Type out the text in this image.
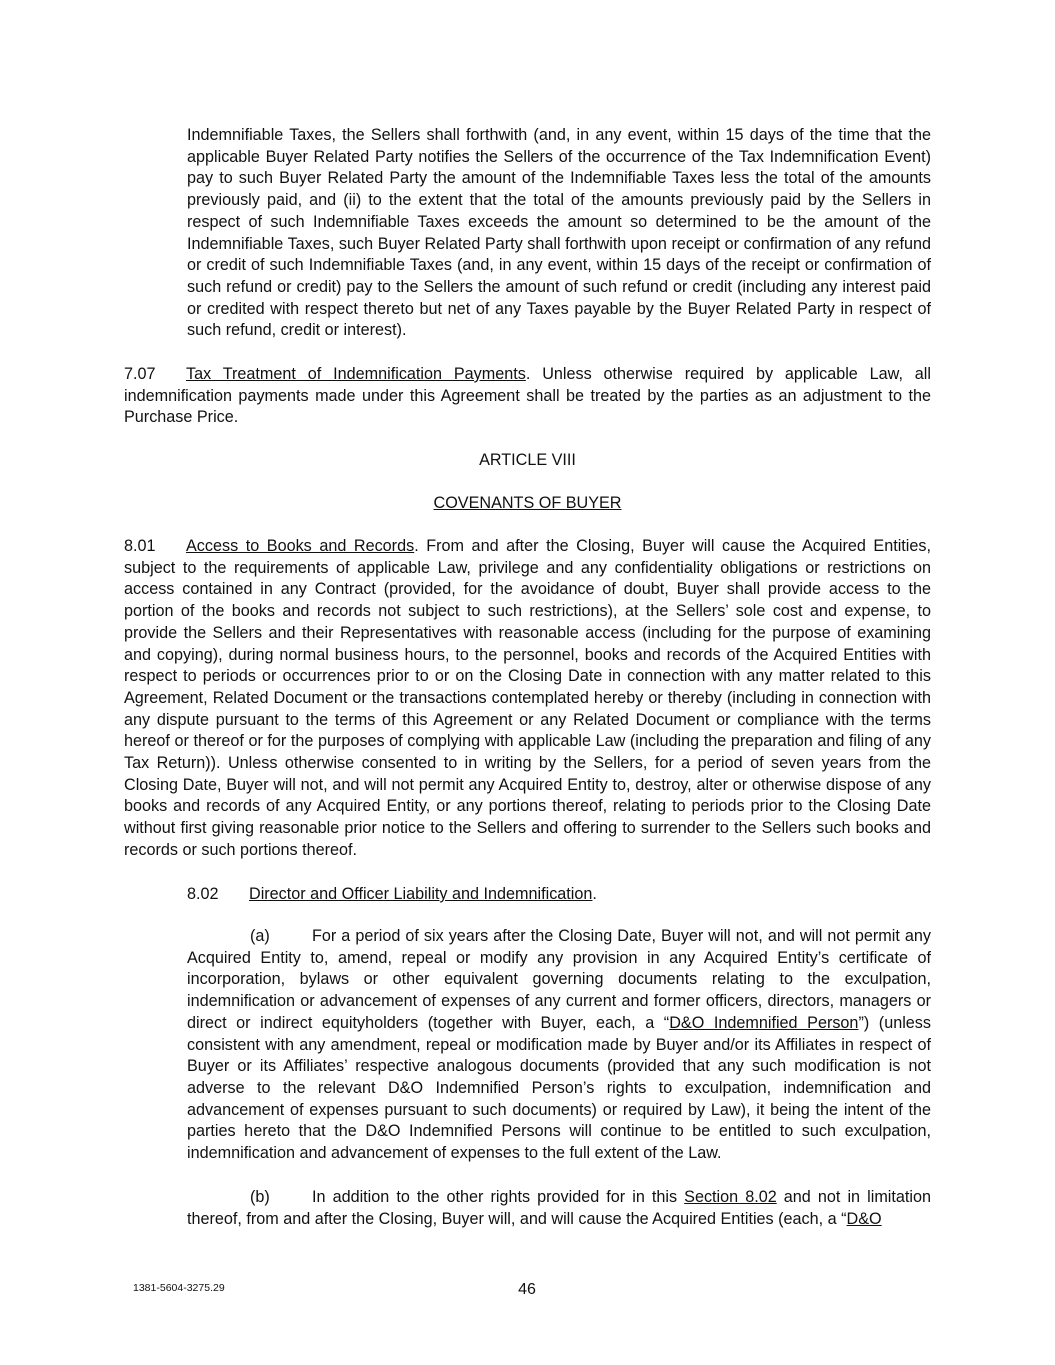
Indemnifiable Taxes, the Sellers shall forthwith (and, in any event, within 15 days of the time that the applicable Buyer Related Party notifies the Sellers of the occurrence of the Tax Indemnification Event) pay to such Buyer Related Party the amount of the Indemnifiable Taxes less the total of the amounts previously paid, and (ii) to the extent that the total of the amounts previously paid by the Sellers in respect of such Indemnifiable Taxes exceeds the amount so determined to be the amount of the Indemnifiable Taxes, such Buyer Related Party shall forthwith upon receipt or confirmation of any refund or credit of such Indemnifiable Taxes (and, in any event, within 15 days of the receipt or confirmation of such refund or credit) pay to the Sellers the amount of such refund or credit (including any interest paid or credited with respect thereto but net of any Taxes payable by the Buyer Related Party in respect of such refund, credit or interest).

7.07 Tax Treatment of Indemnification Payments. Unless otherwise required by applicable Law, all indemnification payments made under this Agreement shall be treated by the parties as an adjustment to the Purchase Price.

ARTICLE VIII
COVENANTS OF BUYER

8.01 Access to Books and Records. From and after the Closing, Buyer will cause the Acquired Entities, subject to the requirements of applicable Law, privilege and any confidentiality obligations or restrictions on access contained in any Contract (provided, for the avoidance of doubt, Buyer shall provide access to the portion of the books and records not subject to such restrictions), at the Sellers’ sole cost and expense, to provide the Sellers and their Representatives with reasonable access (including for the purpose of examining and copying), during normal business hours, to the personnel, books and records of the Acquired Entities with respect to periods or occurrences prior to or on the Closing Date in connection with any matter related to this Agreement, Related Document or the transactions contemplated hereby or thereby (including in connection with any dispute pursuant to the terms of this Agreement or any Related Document or compliance with the terms hereof or thereof or for the purposes of complying with applicable Law (including the preparation and filing of any Tax Return)). Unless otherwise consented to in writing by the Sellers, for a period of seven years from the Closing Date, Buyer will not, and will not permit any Acquired Entity to, destroy, alter or otherwise dispose of any books and records of any Acquired Entity, or any portions thereof, relating to periods prior to the Closing Date without first giving reasonable prior notice to the Sellers and offering to surrender to the Sellers such books and records or such portions thereof.

8.02 Director and Officer Liability and Indemnification.

(a)	For a period of six years after the Closing Date, Buyer will not, and will not permit any Acquired Entity to, amend, repeal or modify any provision in any Acquired Entity’s certificate of incorporation, bylaws or other equivalent governing documents relating to the exculpation, indemnification or advancement of expenses of any current and former officers, directors, managers or direct or indirect equityholders (together with Buyer, each, a “D&O Indemnified Person”) (unless consistent with any amendment, repeal or modification made by Buyer and/or its Affiliates in respect of Buyer or its Affiliates’ respective analogous documents (provided that any such modification is not adverse to the relevant D&O Indemnified Person’s rights to exculpation, indemnification and advancement of expenses pursuant to such documents) or required by Law), it being the intent of the parties hereto that the D&O Indemnified Persons will continue to be entitled to such exculpation, indemnification and advancement of expenses to the full extent of the Law.

(b)	In addition to the other rights provided for in this Section 8.02 and not in limitation thereof, from and after the Closing, Buyer will, and will cause the Acquired Entities (each, a “D&O

1381-5604-3275.29	46
